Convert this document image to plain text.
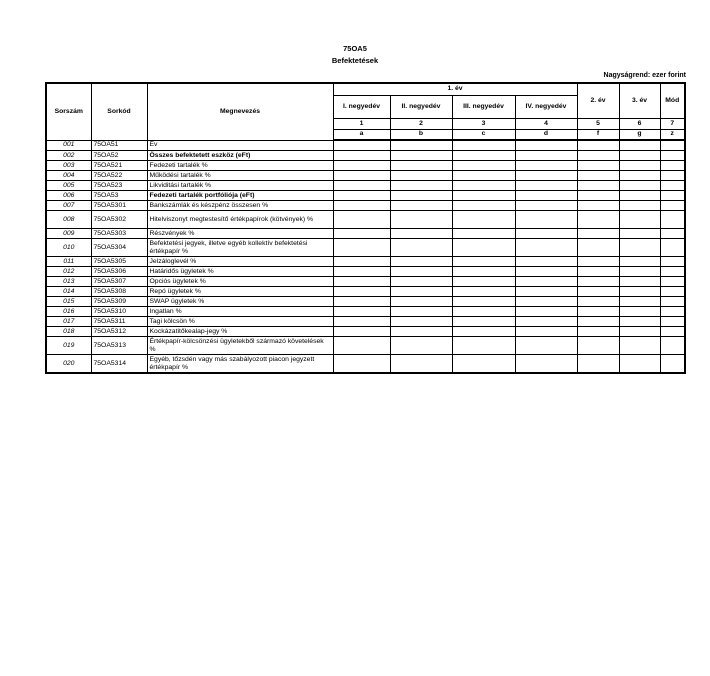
75OA5
Befektetések
Nagyságrend: ezer forint
Sorszám	Sorkód	Megnevezés	1. év				2. év	3. év	Mód
			I. negyedév	II. negyedév	III. negyedév	IV. negyedév			
			1	2	3	4	5	6	7
			a	b	c	d	f	g	z
001	75OA51	Év							
002	75OA52	Összes befektetett eszköz (eFt)							
003	75OA521	Fedezeti tartalék %							
004	75OA522	Működési tartalék %							
005	75OA523	Likviditási tartalék %							
006	75OA53	Fedezeti tartalék portfóliója (eFt)							
007	75OA5301	Bankszámlák és készpénz összesen %							
008	75OA5302	Hitelviszonyt megtestesítő értékpapírok (kötvények) %							
009	75OA5303	Részvények %							
010	75OA5304	Befektetési jegyek, illetve egyéb kollektív befektetési értékpapír %							
011	75OA5305	Jelzáloglevél %							
012	75OA5306	Határidős ügyletek %							
013	75OA5307	Opciós ügyletek %							
014	75OA5308	Repó ügyletek %							
015	75OA5309	SWAP ügyletek %							
016	75OA5310	Ingatlan %							
017	75OA5311	Tagi kölcsön %							
018	75OA5312	Kockázatitőkealap-jegy %							
019	75OA5313	Értékpapír-kölcsönzési ügyletekből származó követelések %							
020	75OA5314	Egyéb, tőzsdén vagy más szabályozott piacon jegyzett értékpapír %							
